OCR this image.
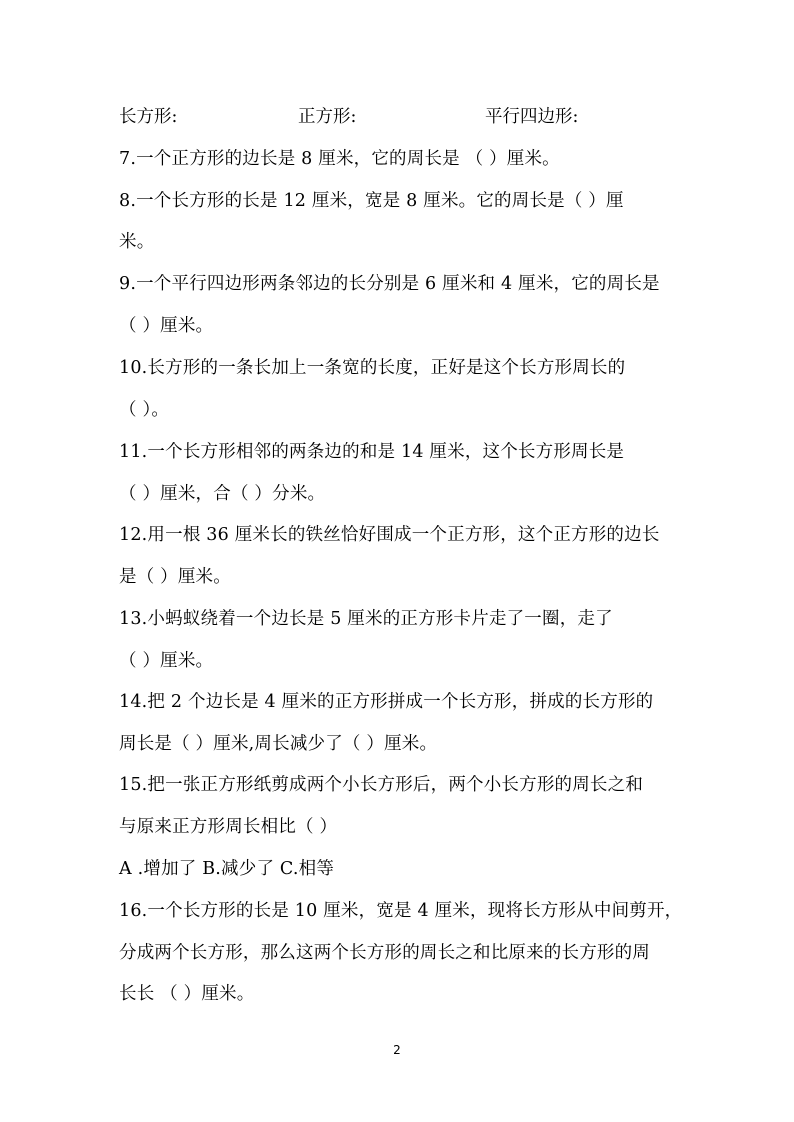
长方形:	正方形:	平行四边形:
7.一个正方形的边长是 8 厘米，它的周长是 （ ）厘米。
8.一个长方形的长是 12 厘米，宽是 8 厘米。它的周长是（ ）厘
米。
9.一个平行四边形两条邻边的长分别是 6 厘米和 4 厘米，它的周长是
（ ）厘米。
10.长方形的一条长加上一条宽的长度，正好是这个长方形周长的
（ ）。
11.一个长方形相邻的两条边的和是 14 厘米，这个长方形周长是
（ ）厘米，合（ ）分米。
12.用一根 36 厘米长的铁丝恰好围成一个正方形，这个正方形的边长
是（ ）厘米。
13.小蚂蚁绕着一个边长是 5 厘米的正方形卡片走了一圈，走了
（ ）厘米。
14.把 2 个边长是 4 厘米的正方形拼成一个长方形，拼成的长方形的
周长是（ ）厘米,周长减少了（ ）厘米。
15.把一张正方形纸剪成两个小长方形后，两个小长方形的周长之和
与原来正方形周长相比（ ）
A .增加了 B.减少了 C.相等
16.一个长方形的长是 10 厘米，宽是 4 厘米，现将长方形从中间剪开，
分成两个长方形，那么这两个长方形的周长之和比原来的长方形的周
长长 （ ）厘米。
2
